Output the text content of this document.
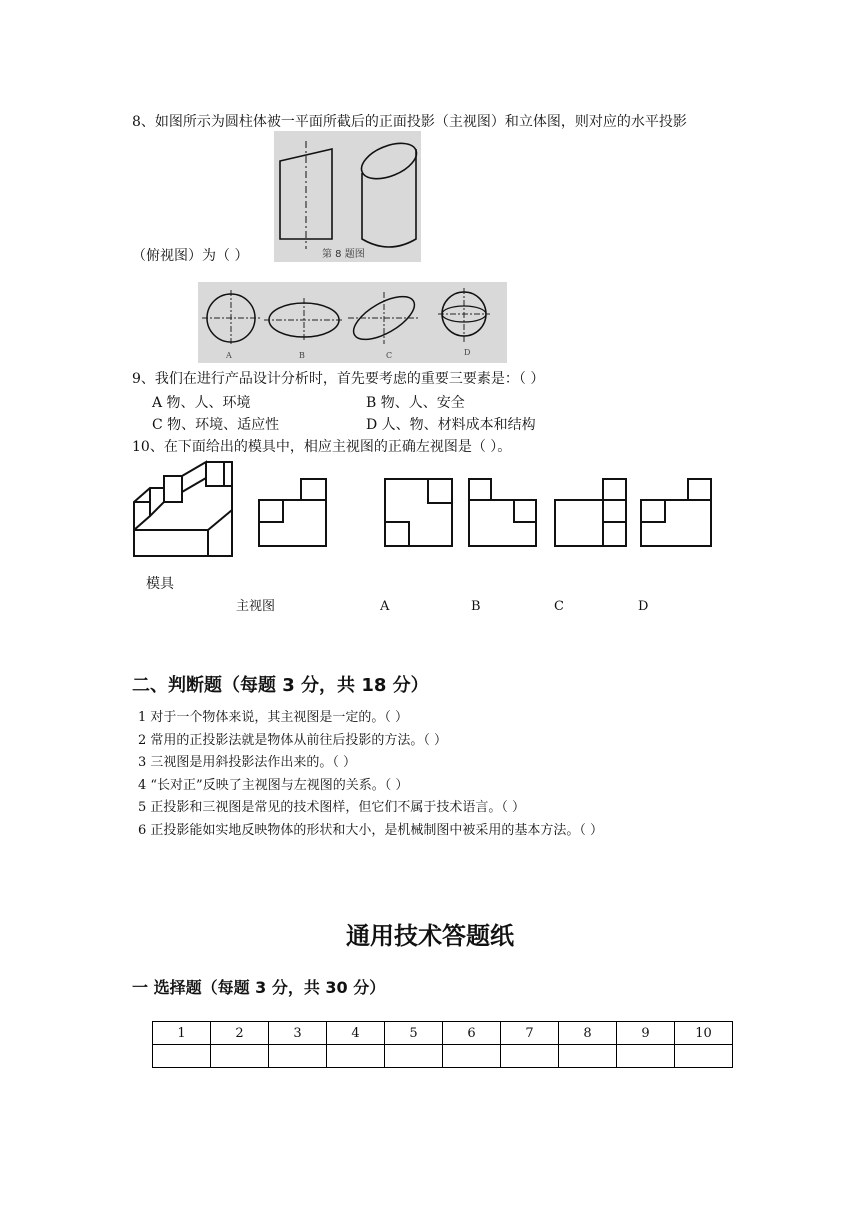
8、如图所示为圆柱体被一平面所截后的正面投影（主视图）和立体图，则对应的水平投影
第 8 题图
（俯视图）为（ ）
A	B	C	D
9、我们在进行产品设计分析时，首先要考虑的重要三要素是：（ ）
A 物、人、环境	B 物、人、安全
C 物、环境、适应性	D 人、物、材料成本和结构
10、在下面给出的模具中，相应主视图的正确左视图是（ ）。
模具
主视图	A	B	C	D
二、判断题（每题 3 分，共 18 分）
1 对于一个物体来说，其主视图是一定的。（ ）
2 常用的正投影法就是物体从前往后投影的方法。（ ）
3 三视图是用斜投影法作出来的。（ ）
4 “长对正”反映了主视图与左视图的关系。（ ）
5 正投影和三视图是常见的技术图样，但它们不属于技术语言。（ ）
6 正投影能如实地反映物体的形状和大小，是机械制图中被采用的基本方法。（ ）
通用技术答题纸
一 选择题（每题 3 分，共 30 分）
1	2	3	4	5	6	7	8	9	10
